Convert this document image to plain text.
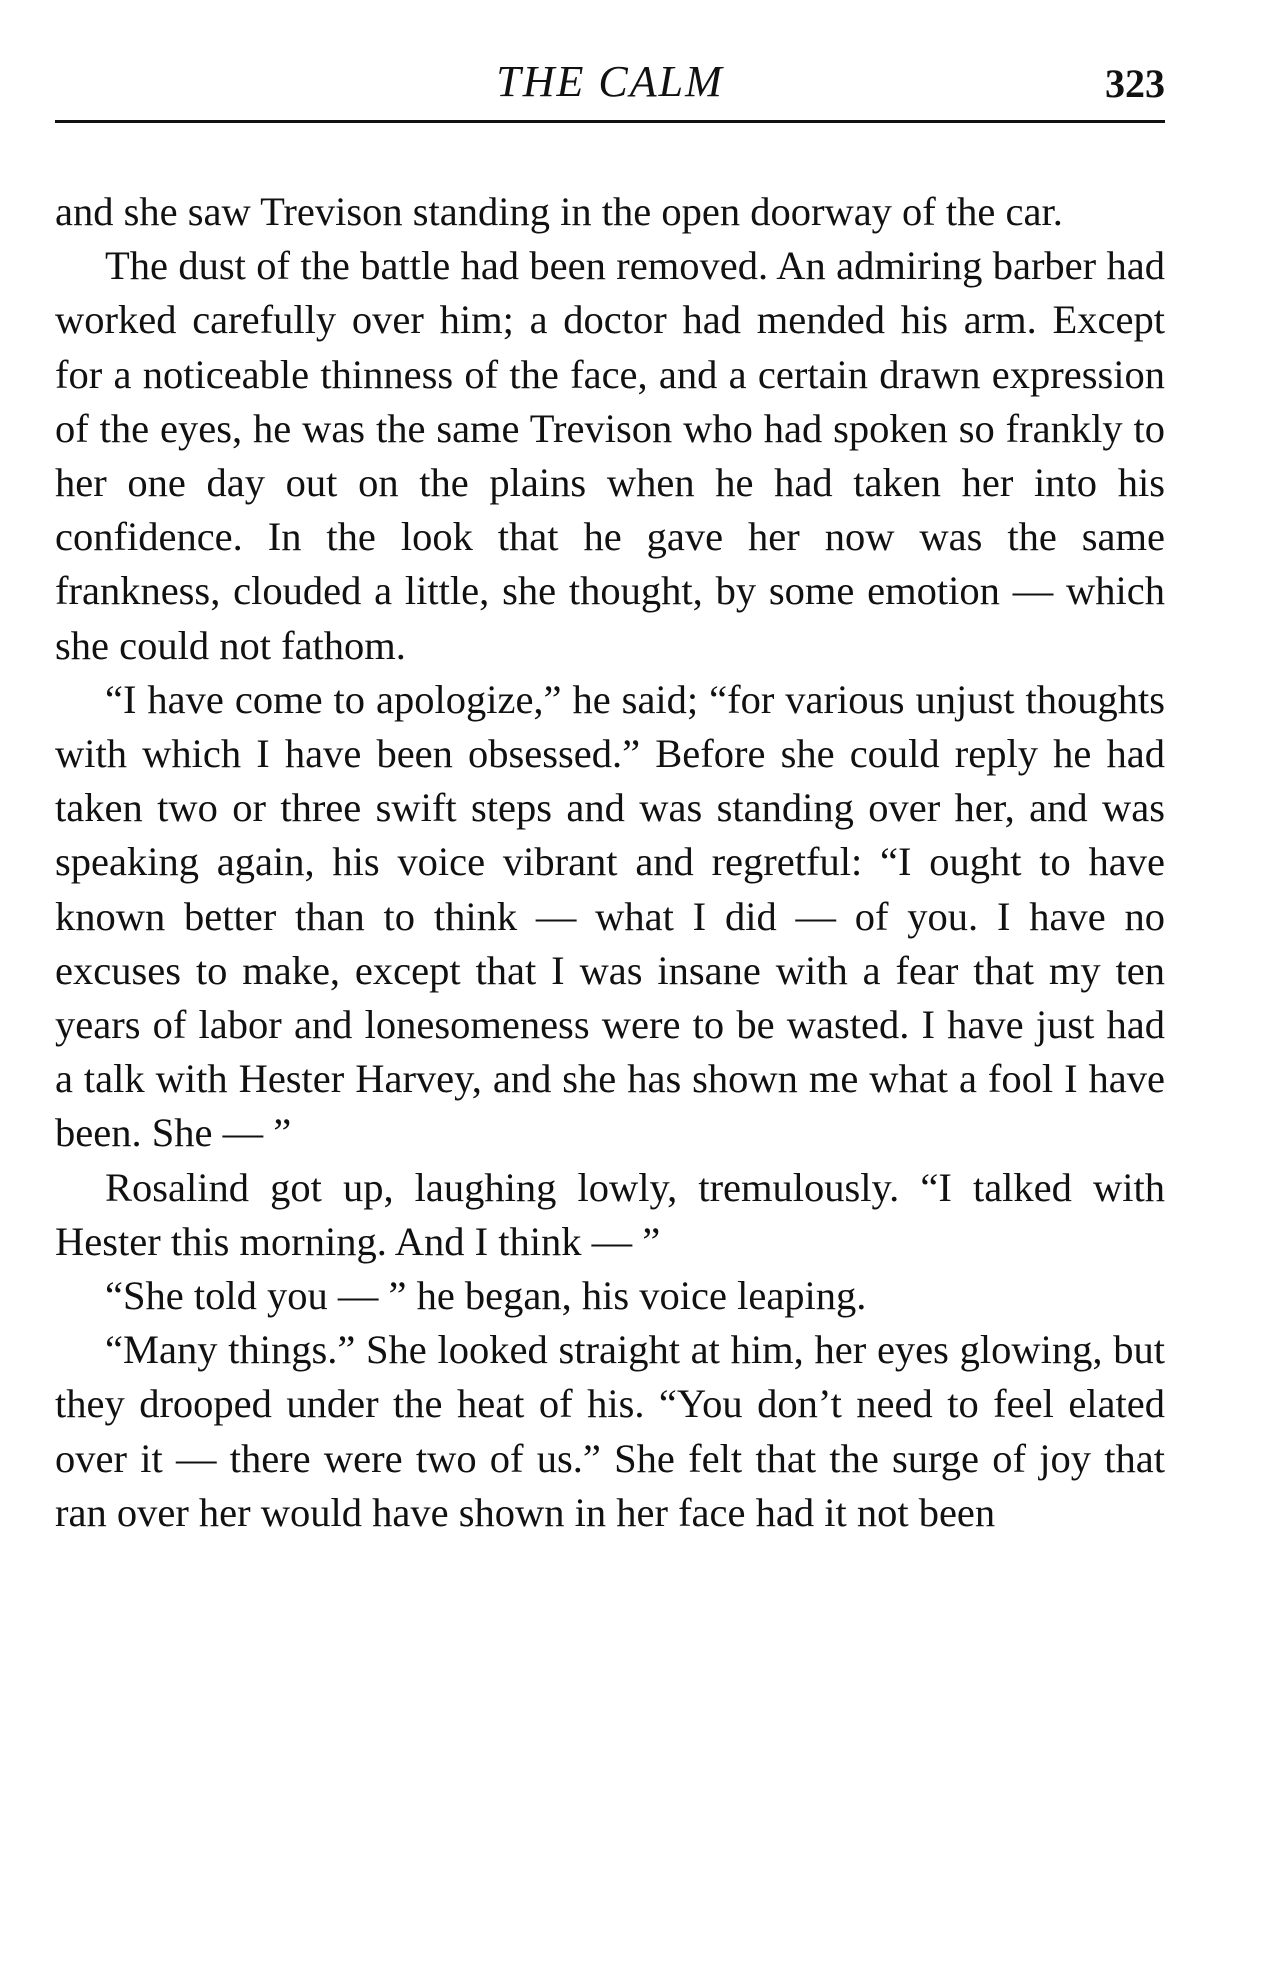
THE CALM	323

and she saw Trevison standing in the open doorway of the car.

The dust of the battle had been removed. An admiring barber had worked carefully over him; a doctor had mended his arm. Except for a noticeable thinness of the face, and a certain drawn expression of the eyes, he was the same Trevison who had spoken so frankly to her one day out on the plains when he had taken her into his confidence. In the look that he gave her now was the same frankness, clouded a little, she thought, by some emotion — which she could not fathom.

“I have come to apologize,” he said; “for various unjust thoughts with which I have been obsessed.” Before she could reply he had taken two or three swift steps and was standing over her, and was speaking again, his voice vibrant and regretful: “I ought to have known better than to think — what I did — of you. I have no excuses to make, except that I was insane with a fear that my ten years of labor and lonesomeness were to be wasted. I have just had a talk with Hester Harvey, and she has shown me what a fool I have been. She — ”

Rosalind got up, laughing lowly, tremulously. “I talked with Hester this morning. And I think — ”

“She told you — ” he began, his voice leaping.

“Many things.” She looked straight at him, her eyes glowing, but they drooped under the heat of his. “You don’t need to feel elated over it — there were two of us.” She felt that the surge of joy that ran over her would have shown in her face had it not been
